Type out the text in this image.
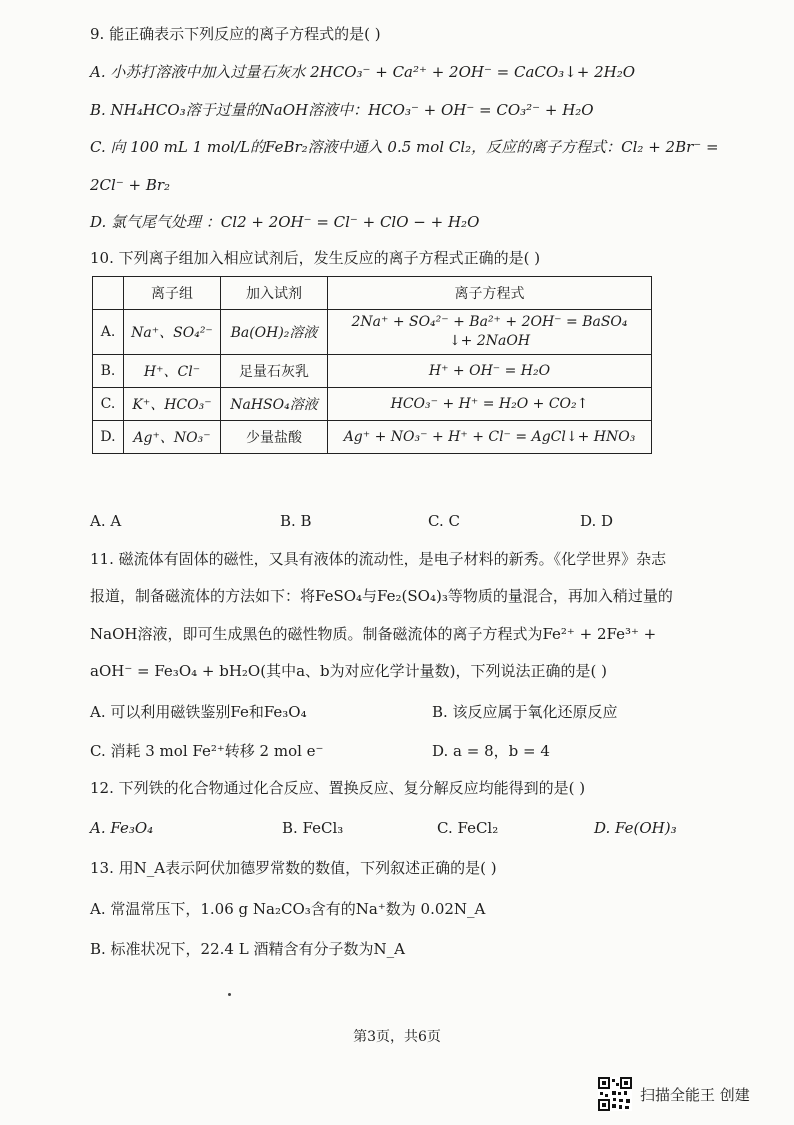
9. 能正确表示下列反应的离子方程式的是( )
A. 小苏打溶液中加入过量石灰水 2HCO₃⁻ + Ca²⁺ + 2OH⁻ = CaCO₃↓+ 2H₂O
B. NH₄HCO₃溶于过量的NaOH溶液中：HCO₃⁻ + OH⁻ = CO₃²⁻ + H₂O
C. 向 100 mL 1 mol/L的FeBr₂溶液中通入 0.5 mol Cl₂，反应的离子方程式：Cl₂ + 2Br⁻ =
2Cl⁻ + Br₂
D. 氯气尾气处理 ：Cl2 + 2OH⁻ = Cl⁻ + ClO − + H₂O
10. 下列离子组加入相应试剂后，发生反应的离子方程式正确的是( )
	离子组	加入试剂	离子方程式
A.	Na⁺、SO₄²⁻	Ba(OH)₂溶液	2Na⁺ + SO₄²⁻ + Ba²⁺ + 2OH⁻ = BaSO₄
↓+ 2NaOH

B.	H⁺、Cl⁻	足量石灰乳	H⁺ + OH⁻ = H₂O
C.	K⁺、HCO₃⁻	NaHSO₄溶液	HCO₃⁻ + H⁺ = H₂O + CO₂↑
D.	Ag⁺、NO₃⁻	少量盐酸	Ag⁺ + NO₃⁻ + H⁺ + Cl⁻ = AgCl↓+ HNO₃
A. A	B. B	C. C	D. D
11. 磁流体有固体的磁性，又具有液体的流动性，是电子材料的新秀。《化学世界》杂志
报道，制备磁流体的方法如下：将FeSO₄与Fe₂(SO₄)₃等物质的量混合，再加入稍过量的
NaOH溶液，即可生成黑色的磁性物质。制备磁流体的离子方程式为Fe²⁺ + 2Fe³⁺ +
aOH⁻ = Fe₃O₄ + bH₂O(其中a、b为对应化学计量数)，下列说法正确的是( )
A. 可以利用磁铁鉴别Fe和Fe₃O₄	B. 该反应属于氧化还原反应
C. 消耗 3 mol Fe²⁺转移 2 mol e⁻	D. a = 8，b = 4
12. 下列铁的化合物通过化合反应、置换反应、复分解反应均能得到的是( )
A. Fe₃O₄	B. FeCl₃	C. FeCl₂	D. Fe(OH)₃
13. 用N_A表示阿伏加德罗常数的数值，下列叙述正确的是( )
A. 常温常压下，1.06 g Na₂CO₃含有的Na⁺数为 0.02N_A
B. 标准状况下，22.4 L 酒精含有分子数为N_A
第3页，共6页
扫描全能王 创建
